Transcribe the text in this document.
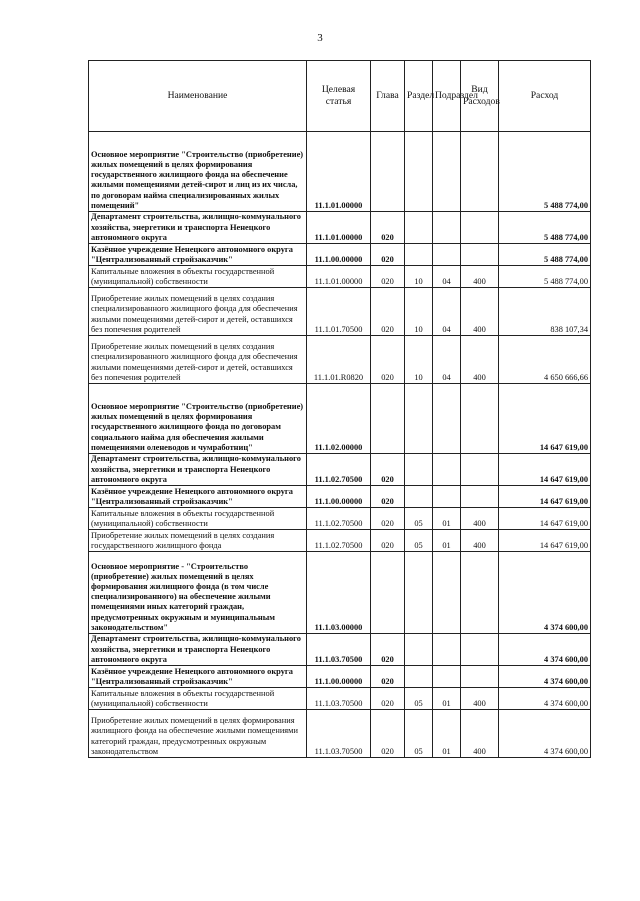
3
Наименование	Целевая статья	Глава	Раздел	Подраздел	Вид Расходов	Расход
Основное мероприятие "Строительство (приобретение) жилых помещений в целях формирования государственного жилищного фонда на обеспечение жилыми помещениями детей-сирот и лиц из их числа, по договорам найма специализированных жилых помещений"	11.1.01.00000					5 488 774,00
Департамент строительства, жилищно-коммунального хозяйства, энергетики и транспорта Ненецкого автономного округа	11.1.01.00000	020				5 488 774,00
Казённое учреждение Ненецкого автономного округа "Централизованный стройзаказчик"	11.1.00.00000	020				5 488 774,00
Капитальные вложения в объекты государственной (муниципальной) собственности	11.1.01.00000	020	10	04	400	5 488 774,00
Приобретение жилых помещений в целях создания специализированного жилищного фонда для обеспечения жилыми помещениями детей-сирот и детей, оставшихся без попечения родителей	11.1.01.70500	020	10	04	400	838 107,34
Приобретение жилых помещений в целях создания специализированного жилищного фонда для обеспечения жилыми помещениями детей-сирот и детей, оставшихся без попечения родителей	11.1.01.R0820	020	10	04	400	4 650 666,66
Основное мероприятие "Строительство (приобретение) жилых помещений в целях формирования государственного жилищного фонда по договорам социального найма для обеспечения жилыми помещениями оленеводов и чумработниц"	11.1.02.00000					14 647 619,00
Департамент строительства, жилищно-коммунального хозяйства, энергетики и транспорта Ненецкого автономного округа	11.1.02.70500	020				14 647 619,00
Казённое учреждение Ненецкого автономного округа "Централизованный стройзаказчик"	11.1.00.00000	020				14 647 619,00
Капитальные вложения в объекты государственной (муниципальной) собственности	11.1.02.70500	020	05	01	400	14 647 619,00
Приобретение жилых помещений в целях создания государственного жилищного фонда	11.1.02.70500	020	05	01	400	14 647 619,00
Основное мероприятие - "Строительство (приобретение) жилых помещений в целях формирования жилищного фонда (в том числе специализированного) на обеспечение жилыми помещениями иных категорий граждан, предусмотренных окружным и муниципальным законодательством"	11.1.03.00000					4 374 600,00
Департамент строительства, жилищно-коммунального хозяйства, энергетики и транспорта Ненецкого автономного округа	11.1.03.70500	020				4 374 600,00
Казённое учреждение Ненецкого автономного округа "Централизованный стройзаказчик"	11.1.00.00000	020				4 374 600,00
Капитальные вложения в объекты государственной (муниципальной) собственности	11.1.03.70500	020	05	01	400	4 374 600,00
Приобретение жилых помещений в целях формирования жилищного фонда на обеспечение жилыми помещениями категорий граждан, предусмотренных окружным законодательством	11.1.03.70500	020	05	01	400	4 374 600,00
